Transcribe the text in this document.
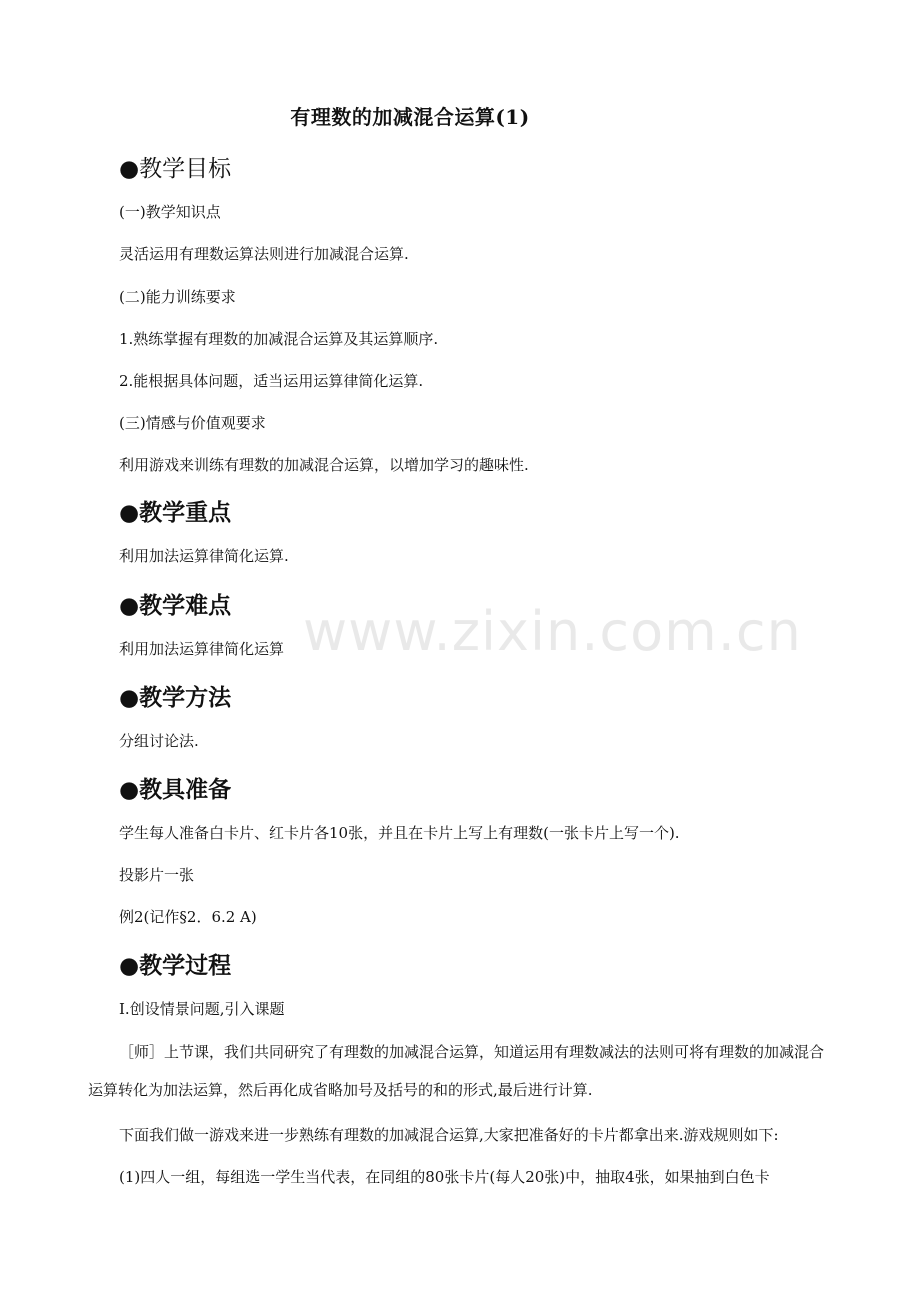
有理数的加减混合运算(1)
●教学目标
(一)教学知识点
灵活运用有理数运算法则进行加减混合运算.
(二)能力训练要求
1.熟练掌握有理数的加减混合运算及其运算顺序.
2.能根据具体问题，适当运用运算律简化运算.
(三)情感与价值观要求
利用游戏来训练有理数的加减混合运算，以增加学习的趣味性.
●教学重点
利用加法运算律简化运算.
●教学难点
利用加法运算律简化运算
●教学方法
分组讨论法.
●教具准备
学生每人准备白卡片、红卡片各10张，并且在卡片上写上有理数(一张卡片上写一个).
投影片一张
例2(记作§2．6.2 A)
●教学过程
Ⅰ.创设情景问题,引入课题
［师］上节课，我们共同研究了有理数的加减混合运算，知道运用有理数减法的法则可将有理数的加减混合运算转化为加法运算，然后再化成省略加号及括号的和的形式,最后进行计算.
下面我们做一游戏来进一步熟练有理数的加减混合运算,大家把准备好的卡片都拿出来.游戏规则如下:
(1)四人一组，每组选一学生当代表，在同组的80张卡片(每人20张)中，抽取4张，如果抽到白色卡
www.zixin.com.cn
